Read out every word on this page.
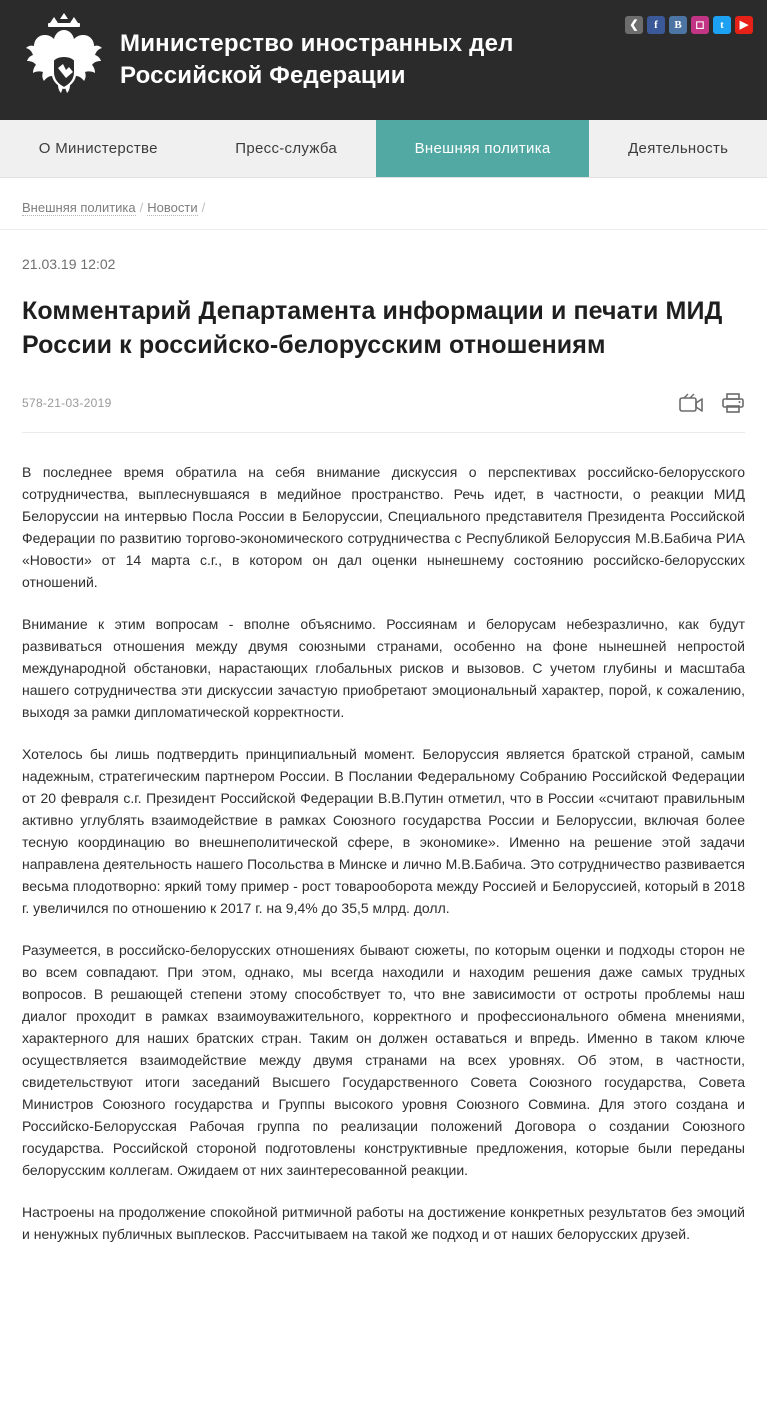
Министерство иностранных дел
Российской Федерации
❮	f	B	◻	t	▶
О Министерстве	Пресс-служба	Внешняя политика	Деятельность
Внешняя политика / Новости /
21.03.19 12:02
Комментарий Департамента информации и печати МИД России к российско-белорусским отношениям
578-21-03-2019

В последнее время обратила на себя внимание дискуссия о перспективах российско-белорусского сотрудничества, выплеснувшаяся в медийное пространство. Речь идет, в частности, о реакции МИД Белоруссии на интервью Посла России в Белоруссии, Специального представителя Президента Российской Федерации по развитию торгово-экономического сотрудничества с Республикой Белоруссия М.В.Бабича РИА «Новости» от 14 марта с.г., в котором он дал оценки нынешнему состоянию российско-белорусских отношений.

Внимание к этим вопросам - вполне объяснимо. Россиянам и белорусам небезразлично, как будут развиваться отношения между двумя союзными странами, особенно на фоне нынешней непростой международной обстановки, нарастающих глобальных рисков и вызовов. С учетом глубины и масштаба нашего сотрудничества эти дискуссии зачастую приобретают эмоциональный характер, порой, к сожалению, выходя за рамки дипломатической корректности.

Хотелось бы лишь подтвердить принципиальный момент. Белоруссия является братской страной, самым надежным, стратегическим партнером России. В Послании Федеральному Собранию Российской Федерации от 20 февраля с.г. Президент Российской Федерации В.В.Путин отметил, что в России «считают правильным активно углублять взаимодействие в рамках Союзного государства России и Белоруссии, включая более тесную координацию во внешнеполитической сфере, в экономике». Именно на решение этой задачи направлена деятельность нашего Посольства в Минске и лично М.В.Бабича. Это сотрудничество развивается весьма плодотворно: яркий тому пример - рост товарооборота между Россией и Белоруссией, который в 2018 г. увеличился по отношению к 2017 г. на 9,4% до 35,5 млрд. долл.

Разумеется, в российско-белорусских отношениях бывают сюжеты, по которым оценки и подходы сторон не во всем совпадают. При этом, однако, мы всегда находили и находим решения даже самых трудных вопросов. В решающей степени этому способствует то, что вне зависимости от остроты проблемы наш диалог проходит в рамках взаимоуважительного, корректного и профессионального обмена мнениями, характерного для наших братских стран. Таким он должен оставаться и впредь. Именно в таком ключе осуществляется взаимодействие между двумя странами на всех уровнях. Об этом, в частности, свидетельствуют итоги заседаний Высшего Государственного Совета Союзного государства, Совета Министров Союзного государства и Группы высокого уровня Союзного Совмина. Для этого создана и Российско-Белорусская Рабочая группа по реализации положений Договора о создании Союзного государства. Российской стороной подготовлены конструктивные предложения, которые были переданы белорусским коллегам. Ожидаем от них заинтересованной реакции.

Настроены на продолжение спокойной ритмичной работы на достижение конкретных результатов без эмоций и ненужных публичных выплесков. Рассчитываем на такой же подход и от наших белорусских друзей.
